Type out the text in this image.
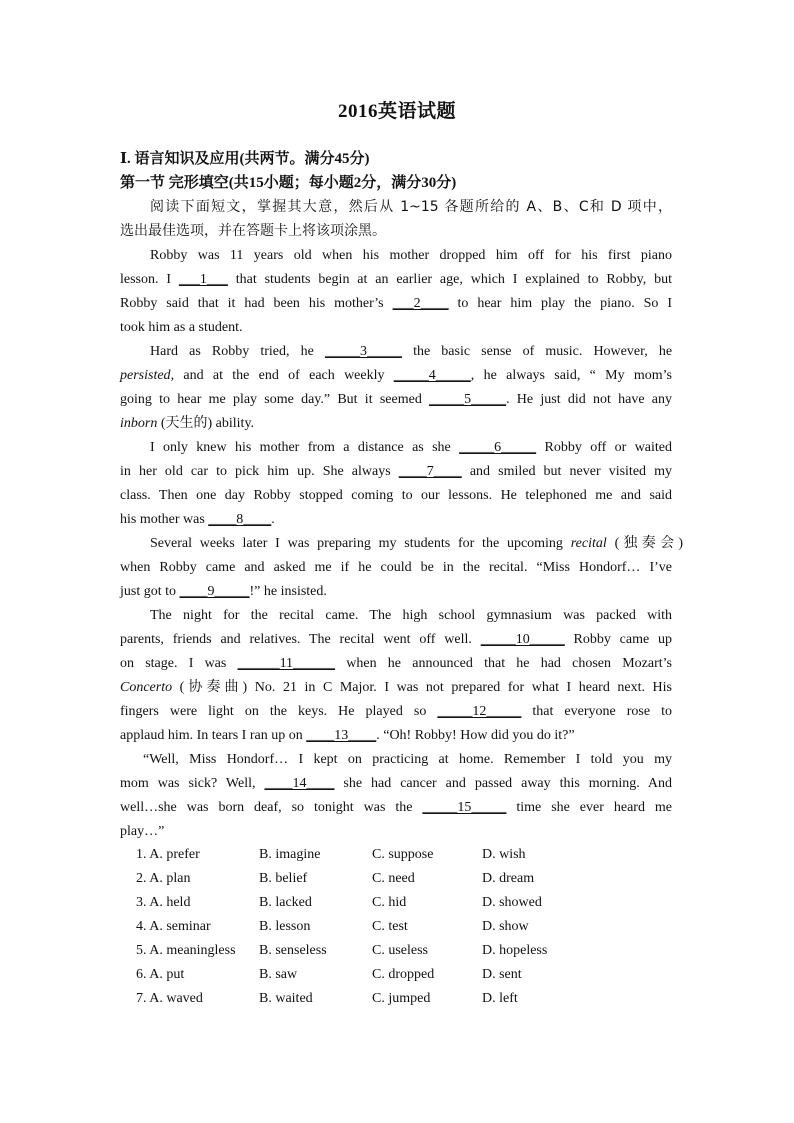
2016英语试题
Ⅰ. 语言知识及应用(共两节。满分45分)
第一节 完形填空(共15小题；每小题2分，满分30分)
阅读下面短文，掌握其大意，然后从 1~15 各题所给的 A、B、C和 D 项中，
选出最佳选项，并在答题卡上将该项涂黑。
Robby was 11 years old when his mother dropped him off for his first piano
lesson. I ___1___ that students begin at an earlier age, which I explained to Robby, but
Robby said that it had been his mother’s ___2____ to hear him play the piano. So I
took him as a student.
Hard as Robby tried, he _____3_____ the basic sense of music. However, he
persisted, and at the end of each weekly _____4_____, he always said, “ My mom’s
going to hear me play some day.” But it seemed _____5_____. He just did not have any
inborn (天生的) ability.
I only knew his mother from a distance as she _____6_____ Robby off or waited
in her old car to pick him up. She always ____7____ and smiled but never visited my
class. Then one day Robby stopped coming to our lessons. He telephoned me and said
his mother was ____8____.
Several weeks later I was preparing my students for the upcoming recital (独奏会)
when Robby came and asked me if he could be in the recital. “Miss Hondorf… I’ve
just got to ____9_____!” he insisted.
The night for the recital came. The high school gymnasium was packed with
parents, friends and relatives. The recital went off well. _____10_____ Robby came up
on stage. I was ______11______ when he announced that he had chosen Mozart’s
Concerto (协奏曲) No. 21 in C Major. I was not prepared for what I heard next. His
fingers were light on the keys. He played so _____12_____ that everyone rose to
applaud him. In tears I ran up on ____13____. “Oh! Robby! How did you do it?”
“Well, Miss Hondorf… I kept on practicing at home. Remember I told you my
mom was sick? Well, ____14____ she had cancer and passed away this morning. And
well…she was born deaf, so tonight was the _____15_____ time she ever heard me
play…”
1. A. prefer	B. imagine	C. suppose	D. wish
2. A. plan	B. belief	C. need	D. dream
3. A. held	B. lacked	C. hid	D. showed
4. A. seminar	B. lesson	C. test	D. show
5. A. meaningless B. senseless	C. useless	D. hopeless
6. A. put	B. saw	C. dropped	D. sent
7. A. waved	B. waited	C. jumped	D. left
